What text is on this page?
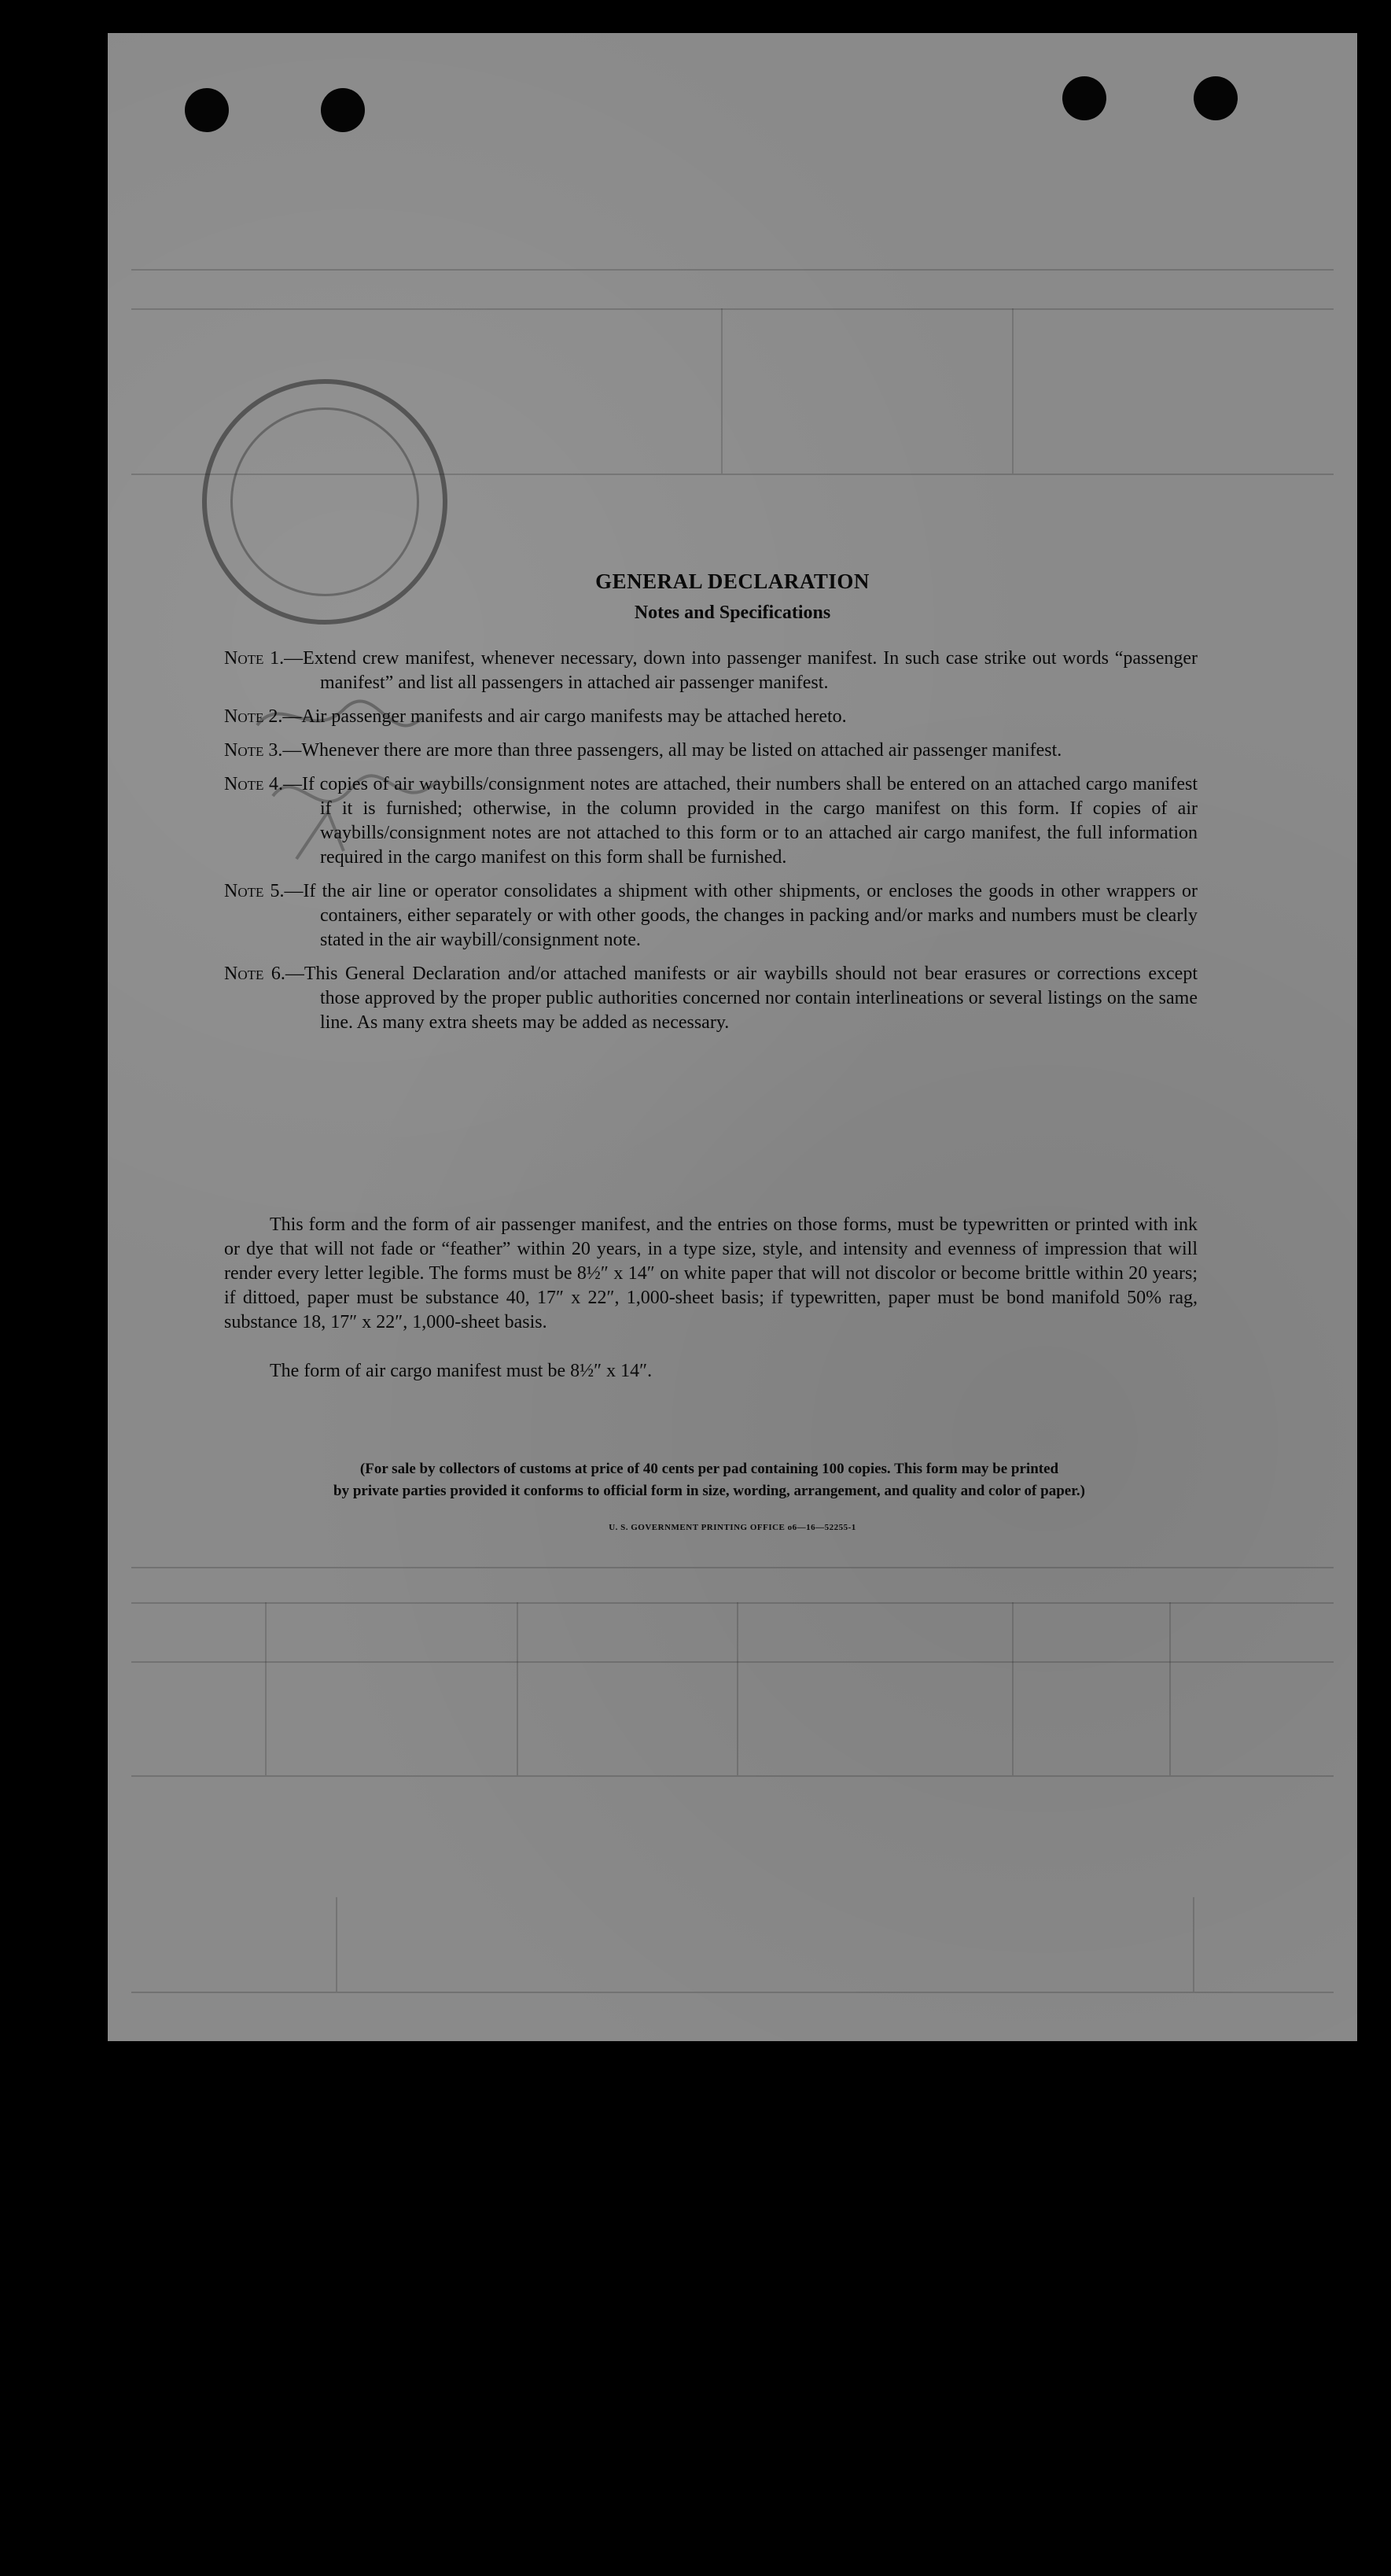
GENERAL DECLARATION
Notes and Specifications
Note 1.—Extend crew manifest, whenever necessary, down into passenger manifest. In such case strike out words “passenger manifest” and list all passengers in attached air passenger manifest.
Note 2.—Air passenger manifests and air cargo manifests may be attached hereto.
Note 3.—Whenever there are more than three passengers, all may be listed on attached air passenger manifest.
Note 4.—If copies of air waybills/consignment notes are attached, their numbers shall be entered on an attached cargo manifest if it is furnished; otherwise, in the column provided in the cargo manifest on this form. If copies of air waybills/consignment notes are not attached to this form or to an attached air cargo manifest, the full information required in the cargo manifest on this form shall be furnished.
Note 5.—If the air line or operator consolidates a shipment with other shipments, or encloses the goods in other wrappers or containers, either separately or with other goods, the changes in packing and/or marks and numbers must be clearly stated in the air waybill/consignment note.
Note 6.—This General Declaration and/or attached manifests or air waybills should not bear erasures or corrections except those approved by the proper public authorities concerned nor contain interlineations or several listings on the same line. As many extra sheets may be added as necessary.
This form and the form of air passenger manifest, and the entries on those forms, must be typewritten or printed with ink or dye that will not fade or “feather” within 20 years, in a type size, style, and intensity and evenness of impression that will render every letter legible. The forms must be 8½″ x 14″ on white paper that will not discolor or become brittle within 20 years; if dittoed, paper must be substance 40, 17″ x 22″, 1,000-sheet basis; if typewritten, paper must be bond manifold 50% rag, substance 18, 17″ x 22″, 1,000-sheet basis.
The form of air cargo manifest must be 8½″ x 14″.
(For sale by collectors of customs at price of 40 cents per pad containing 100 copies. This form may be printed
by private parties provided it conforms to official form in size, wording, arrangement, and quality and color of paper.)
U. S. GOVERNMENT PRINTING OFFICE o6—16—52255-1
